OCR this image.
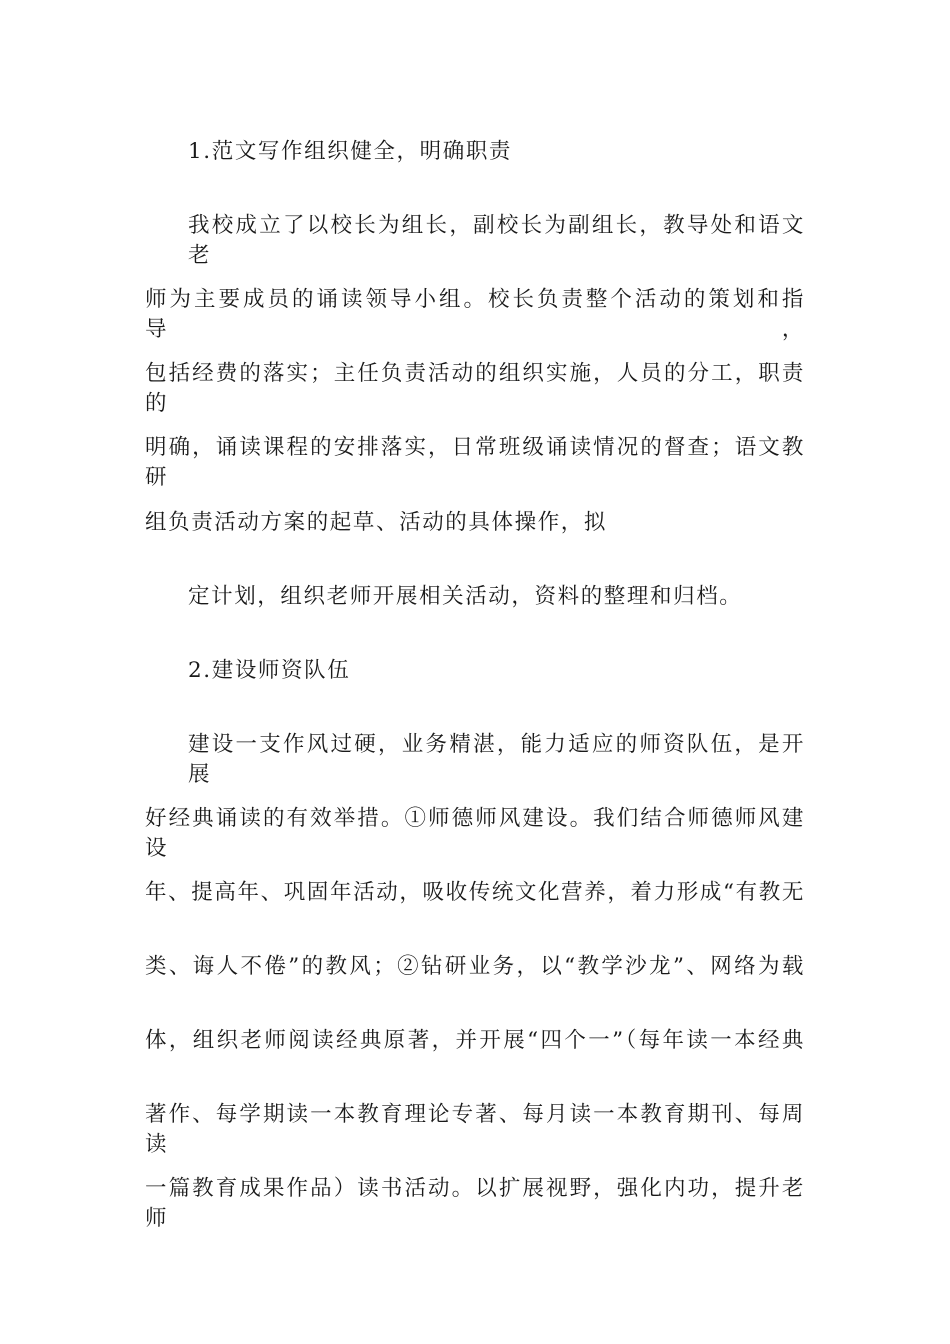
1.范文写作组织健全，明确职责
我校成立了以校长为组长，副校长为副组长，教导处和语文老
师为主要成员的诵读领导小组。校长负责整个活动的策划和指导，
包括经费的落实；主任负责活动的组织实施，人员的分工，职责的
明确，诵读课程的安排落实，日常班级诵读情况的督查；语文教研
组负责活动方案的起草、活动的具体操作，拟
定计划，组织老师开展相关活动，资料的整理和归档。
2.建设师资队伍
建设一支作风过硬，业务精湛，能力适应的师资队伍，是开展
好经典诵读的有效举措。①师德师风建设。我们结合师德师风建设
年、提高年、巩固年活动，吸收传统文化营养，着力形成“有教无
类、诲人不倦”的教风；②钻研业务，以“教学沙龙”、网络为载
体，组织老师阅读经典原著，并开展“四个一”（每年读一本经典
著作、每学期读一本教育理论专著、每月读一本教育期刊、每周读
一篇教育成果作品）读书活动。以扩展视野，强化内功，提升老师
